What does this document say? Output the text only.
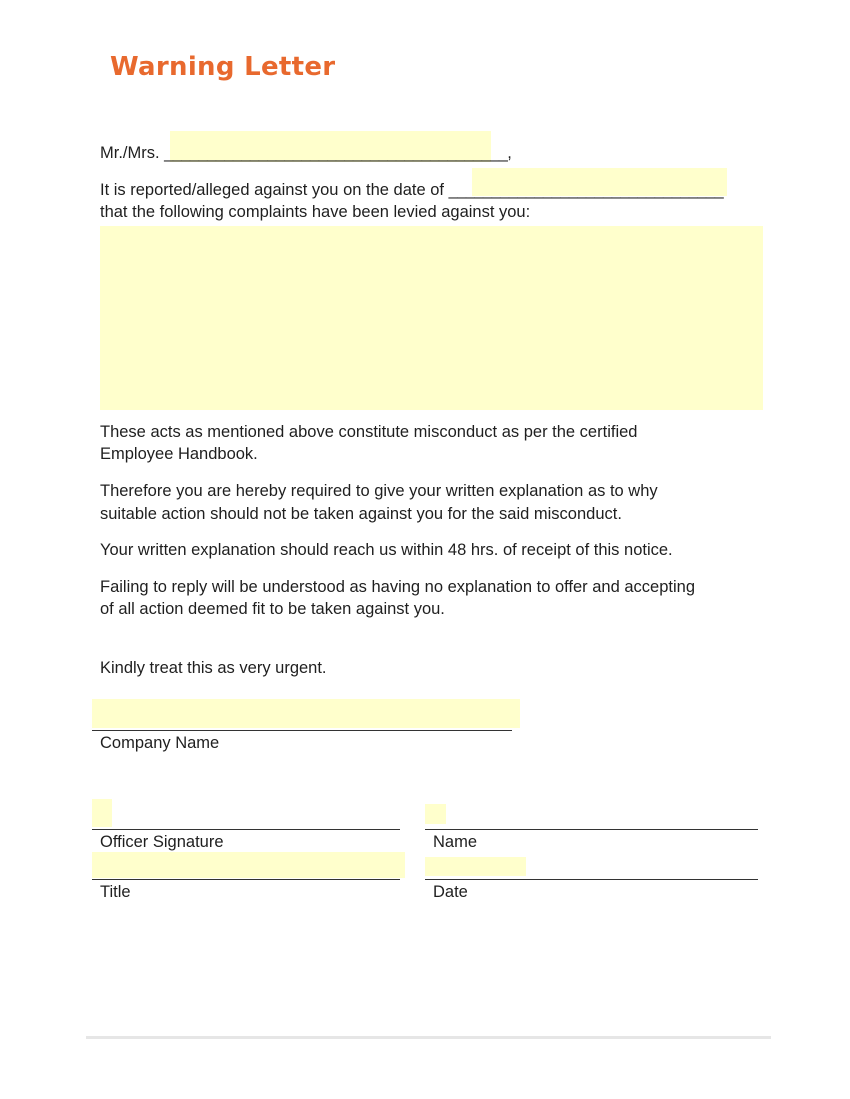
Warning Letter
Mr./Mrs. ________________________________________,
It is reported/alleged against you on the date of ________________________________
that the following complaints have been levied against you:
These acts as mentioned above constitute misconduct as per the certified
Employee Handbook.
Therefore you are hereby required to give your written explanation as to why
suitable action should not be taken against you for the said misconduct.
Your written explanation should reach us within 48 hrs. of receipt of this notice.
Failing to reply will be understood as having no explanation to offer and accepting
of all action deemed fit to be taken against you.
Kindly treat this as very urgent.
Company Name
Officer Signature	Name
Title	Date
